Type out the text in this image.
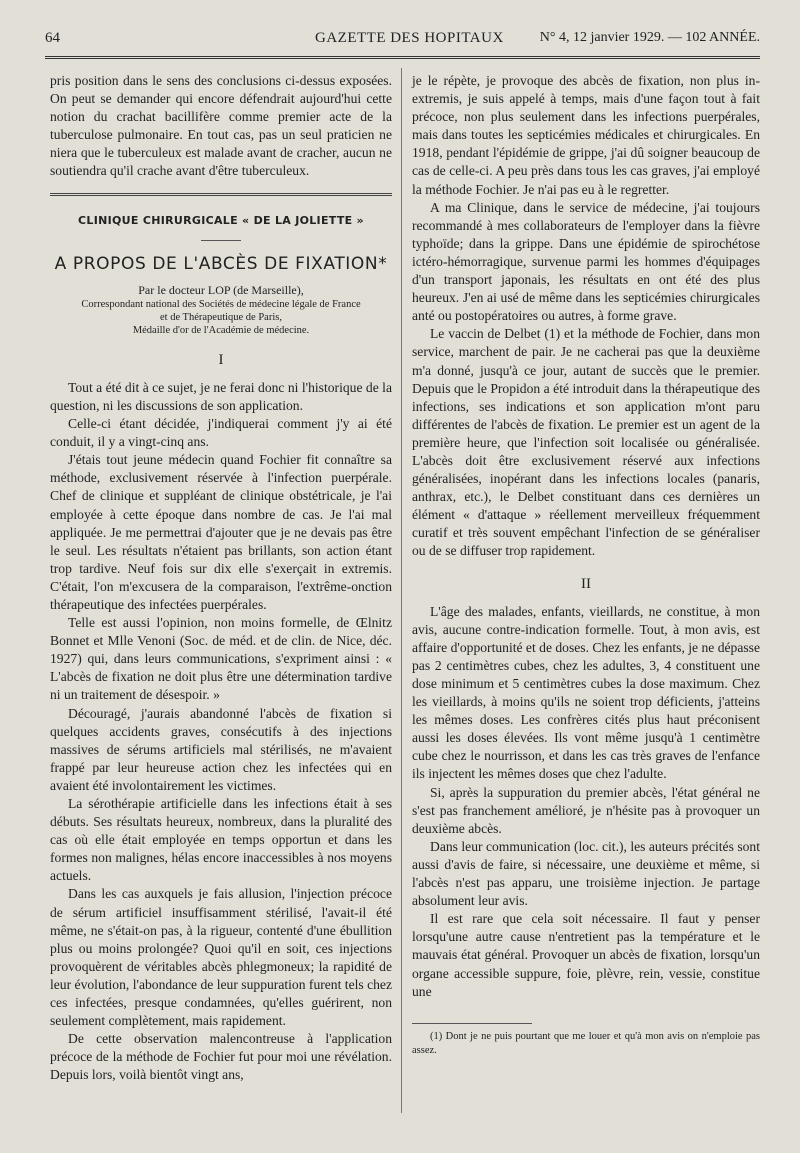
64	GAZETTE DES HOPITAUX	N° 4, 12 janvier 1929. — 102 ANNÉE.

pris position dans le sens des conclusions ci-dessus exposées. On peut se demander qui encore défendrait aujourd'hui cette notion du crachat bacillifère comme premier acte de la tuberculose pulmonaire. En tout cas, pas un seul praticien ne niera que le tuberculeux est malade avant de cracher, aucun ne soutiendra qu'il crache avant d'être tuberculeux.

CLINIQUE CHIRURGICALE « DE LA JOLIETTE »
A PROPOS DE L'ABCÈS DE FIXATION*
Par le docteur LOP (de Marseille),
Correspondant national des Sociétés de médecine légale de France
et de Thérapeutique de Paris,
Médaille d'or de l'Académie de médecine.
I

Tout a été dit à ce sujet, je ne ferai donc ni l'historique de la question, ni les discussions de son application.

Celle-ci étant décidée, j'indiquerai comment j'y ai été conduit, il y a vingt-cinq ans.

J'étais tout jeune médecin quand Fochier fit connaître sa méthode, exclusivement réservée à l'infection puerpérale. Chef de clinique et suppléant de clinique obstétricale, je l'ai employée à cette époque dans nombre de cas. Je l'ai mal appliquée. Je me permettrai d'ajouter que je ne devais pas être le seul. Les résultats n'étaient pas brillants, son action étant trop tardive. Neuf fois sur dix elle s'exerçait in extremis. C'était, l'on m'excusera de la comparaison, l'extrême-onction thérapeutique des infectées puerpérales.

Telle est aussi l'opinion, non moins formelle, de Œlnitz Bonnet et Mlle Venoni (Soc. de méd. et de clin. de Nice, déc. 1927) qui, dans leurs communications, s'expriment ainsi : « L'abcès de fixation ne doit plus être une détermination tardive ni un traitement de désespoir. »

Découragé, j'aurais abandonné l'abcès de fixation si quelques accidents graves, consécutifs à des injections massives de sérums artificiels mal stérilisés, ne m'avaient frappé par leur heureuse action chez les infectées qui en avaient été involontairement les victimes.

La sérothérapie artificielle dans les infections était à ses débuts. Ses résultats heureux, nombreux, dans la pluralité des cas où elle était employée en temps opportun et dans les formes non malignes, hélas encore inaccessibles à nos moyens actuels.

Dans les cas auxquels je fais allusion, l'injection précoce de sérum artificiel insuffisamment stérilisé, l'avait-il été même, ne s'était-on pas, à la rigueur, contenté d'une ébullition plus ou moins prolongée? Quoi qu'il en soit, ces injections provoquèrent de véritables abcès phlegmoneux; la rapidité de leur évolution, l'abondance de leur suppuration furent tels chez ces infectées, presque condamnées, qu'elles guérirent, non seulement complètement, mais rapidement.

De cette observation malencontreuse à l'application précoce de la méthode de Fochier fut pour moi une révélation. Depuis lors, voilà bientôt vingt ans,

je le répète, je provoque des abcès de fixation, non plus in-extremis, je suis appelé à temps, mais d'une façon tout à fait précoce, non plus seulement dans les infections puerpérales, mais dans toutes les septicémies médicales et chirurgicales. En 1918, pendant l'épidémie de grippe, j'ai dû soigner beaucoup de cas de celle-ci. A peu près dans tous les cas graves, j'ai employé la méthode Fochier. Je n'ai pas eu à le regretter.

A ma Clinique, dans le service de médecine, j'ai toujours recommandé à mes collaborateurs de l'employer dans la fièvre typhoïde; dans la grippe. Dans une épidémie de spirochétose ictéro-hémorragique, survenue parmi les hommes d'équipages d'un transport japonais, les résultats en ont été des plus heureux. J'en ai usé de même dans les septicémies chirurgicales anté ou postopératoires ou autres, à forme grave.

Le vaccin de Delbet (1) et la méthode de Fochier, dans mon service, marchent de pair. Je ne cacherai pas que la deuxième m'a donné, jusqu'à ce jour, autant de succès que le premier. Depuis que le Propidon a été introduit dans la thérapeutique des infections, ses indications et son application m'ont paru différentes de l'abcès de fixation. Le premier est un agent de la première heure, que l'infection soit localisée ou généralisée. L'abcès doit être exclusivement réservé aux infections généralisées, inopérant dans les infections locales (panaris, anthrax, etc.), le Delbet constituant dans ces dernières un élément « d'attaque » réellement merveilleux fréquemment curatif et très souvent empêchant l'infection de se généraliser ou de se diffuser trop rapidement.

II

L'âge des malades, enfants, vieillards, ne constitue, à mon avis, aucune contre-indication formelle. Tout, à mon avis, est affaire d'opportunité et de doses. Chez les enfants, je ne dépasse pas 2 centimètres cubes, chez les adultes, 3, 4 constituent une dose minimum et 5 centimètres cubes la dose maximum. Chez les vieillards, à moins qu'ils ne soient trop déficients, j'atteins les mêmes doses. Les confrères cités plus haut préconisent aussi les doses élevées. Ils vont même jusqu'à 1 centimètre cube chez le nourrisson, et dans les cas très graves de l'enfance ils injectent les mêmes doses que chez l'adulte.

Si, après la suppuration du premier abcès, l'état général ne s'est pas franchement amélioré, je n'hésite pas à provoquer un deuxième abcès.

Dans leur communication (loc. cit.), les auteurs précités sont aussi d'avis de faire, si nécessaire, une deuxième et même, si l'abcès n'est pas apparu, une troisième injection. Je partage absolument leur avis.

Il est rare que cela soit nécessaire. Il faut y penser lorsqu'une autre cause n'entretient pas la température et le mauvais état général. Provoquer un abcès de fixation, lorsqu'un organe accessible suppure, foie, plèvre, rein, vessie, constitue une

(1) Dont je ne puis pourtant que me louer et qu'à mon avis on n'emploie pas assez.
